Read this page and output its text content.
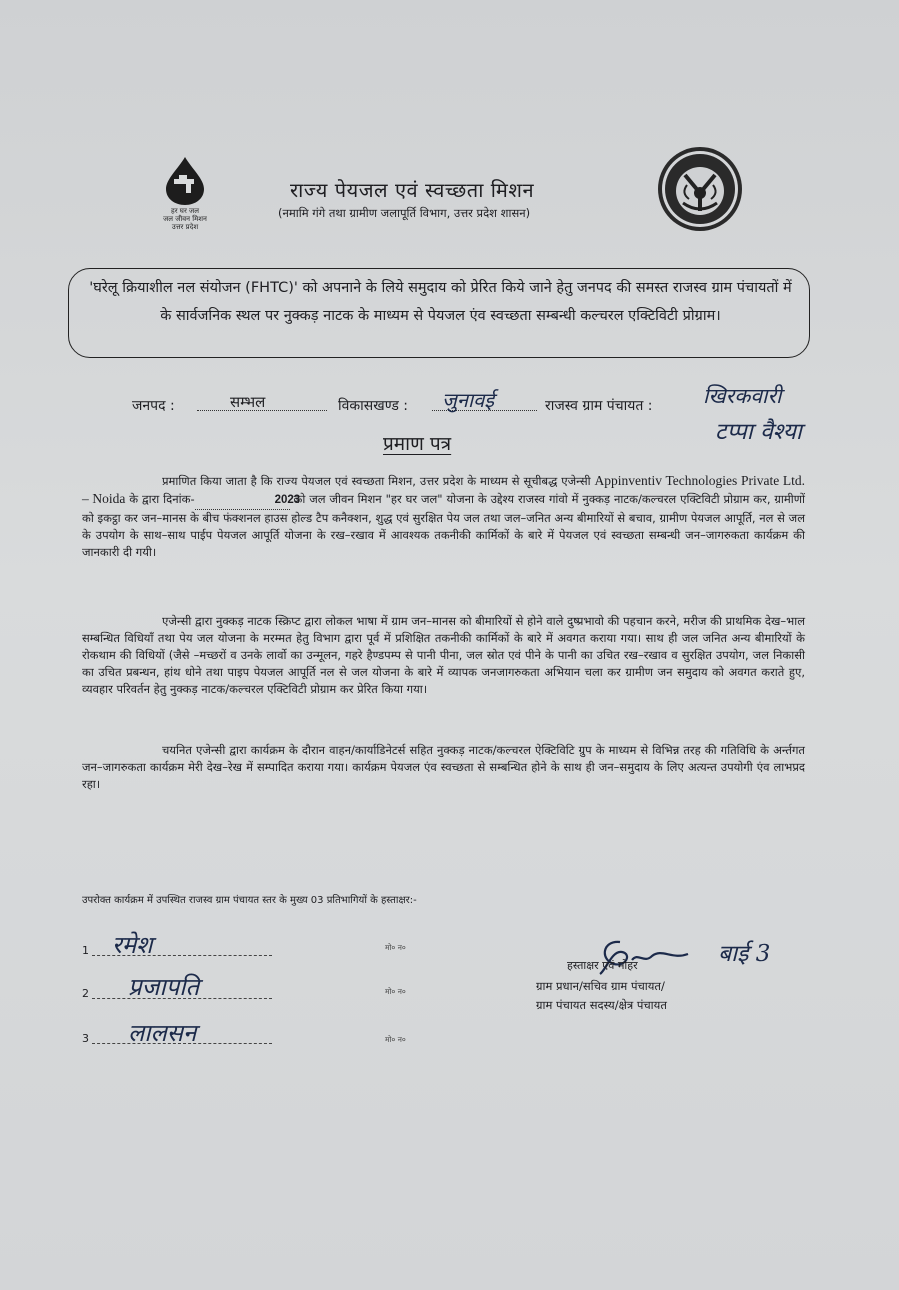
हर घर जल
जल जीवन मिशन
उत्तर प्रदेश
राज्य पेयजल एवं स्वच्छता मिशन
(नमामि गंगे तथा ग्रामीण जलापूर्ति विभाग, उत्तर प्रदेश शासन)
'घरेलू क्रियाशील नल संयोजन (FHTC)' को अपनाने के लिये समुदाय को प्रेरित किये जाने हेतु जनपद की समस्त राजस्व ग्राम पंचायतों में के सार्वजनिक स्थल पर नुक्कड़ नाटक के माध्यम से पेयजल एंव स्वच्छता सम्बन्धी कल्चरल एक्टिविटी प्रोग्राम।
जनपद :	सम्भल	विकासखण्ड : जुनावई	राजस्व ग्राम पंचायत : खिरकवारी
टप्पा वैश्या
प्रमाण पत्र
प्रमाणित किया जाता है कि राज्य पेयजल एवं स्वच्छता मिशन, उत्तर प्रदेश के माध्यम से सूचीबद्ध एजेन्सी Appinventiv Technologies Private Ltd. – Noida के द्वारा दिनांक-	2023 को जल जीवन मिशन "हर घर जल" योजना के उद्देश्य राजस्व गांवो में नुक्कड़ नाटक/कल्चरल एक्टिविटी प्रोग्राम कर, ग्रामीणों को इकट्ठा कर जन–मानस के बीच फंक्शनल हाउस होल्ड टैप कनैक्शन, शुद्ध एवं सुरक्षित पेय जल तथा जल–जनित अन्य बीमारियों से बचाव, ग्रामीण पेयजल आपूर्ति, नल से जल के उपयोग के साथ–साथ पाईप पेयजल आपूर्ति योजना के रख–रखाव में आवश्यक तकनीकी कार्मिकों के बारे में पेयजल एवं स्वच्छता सम्बन्धी जन–जागरुकता कार्यक्रम की जानकारी दी गयी।
एजेन्सी द्वारा नुक्कड़ नाटक स्क्रिप्ट द्वारा लोकल भाषा में ग्राम जन–मानस को बीमारियों से होने वाले दुष्प्रभावो की पहचान करने, मरीज की प्राथमिक देख–भाल सम्बन्धित विधियाँ तथा पेय जल योजना के मरम्मत हेतु विभाग द्वारा पूर्व में प्रशिक्षित तकनीकी कार्मिकों के बारे में अवगत कराया गया। साथ ही जल जनित अन्य बीमारियों के रोकथाम की विधियों (जैसे –मच्छरों व उनके लार्वो का उन्मूलन, गहरे हैण्डपम्प से पानी पीना, जल स्रोत एवं पीने के पानी का उचित रख–रखाव व सुरक्षित उपयोग, जल निकासी का उचित प्रबन्धन, हांथ धोने तथा पाइप पेयजल आपूर्ति नल से जल योजना के बारे में व्यापक जनजागरुकता अभियान चला कर ग्रामीण जन समुदाय को अवगत कराते हुए, व्यवहार परिवर्तन हेतु नुक्कड़ नाटक/कल्चरल एक्टिविटी प्रोग्राम कर प्रेरित किया गया।
चयनित एजेन्सी द्वारा कार्यक्रम के दौरान वाहन/कार्याडिनेटर्स सहित नुक्कड़ नाटक/कल्चरल ऐक्टिविटि ग्रुप के माध्यम से विभिन्न तरह की गतिविधि के अर्न्तगत जन–जागरुकता कार्यक्रम मेरी देख–रेख में सम्पादित कराया गया। कार्यक्रम पेयजल एंव स्वच्छता से सम्बन्धित होने के साथ ही जन–समुदाय के लिए अत्यन्त उपयोगी एंव लाभप्रद रहा।
उपरोक्त कार्यक्रम में उपस्थित राजस्व ग्राम पंचायत स्तर के मुख्य 03 प्रतिभागियों के हस्ताक्षर:-
1 रमेश	मो० न०
2 प्रजापति	मो० न०
3 लालसन	मो० न०
बाई 3
हस्ताक्षर एवं मोहर
ग्राम प्रधान/सचिव ग्राम पंचायत/
ग्राम पंचायत सदस्य/क्षेत्र पंचायत
